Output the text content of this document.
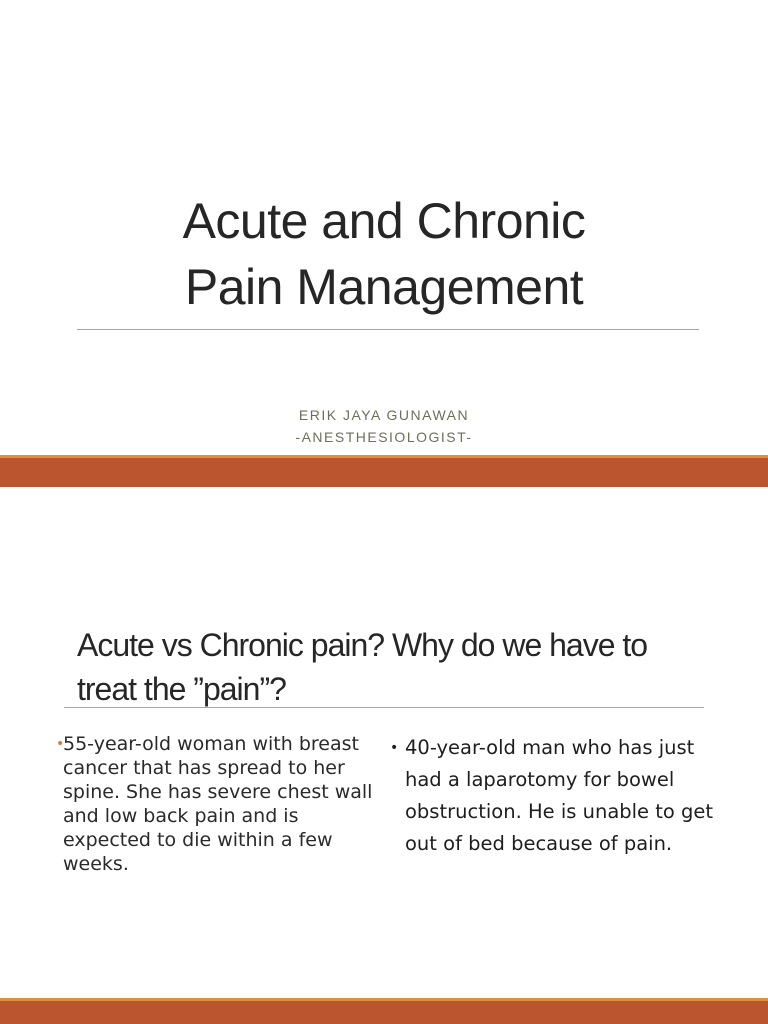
Acute and Chronic
Pain Management
ERIK JAYA GUNAWAN
-ANESTHESIOLOGIST-
Acute vs Chronic pain? Why do we have to treat the ”pain”?
•
55-year-old woman with breast cancer that has spread to her spine. She has severe chest wall and low back pain and is expected to die within a few weeks.
• 40-year-old man who has just had a laparotomy for bowel obstruction. He is unable to get out of bed because of pain.
